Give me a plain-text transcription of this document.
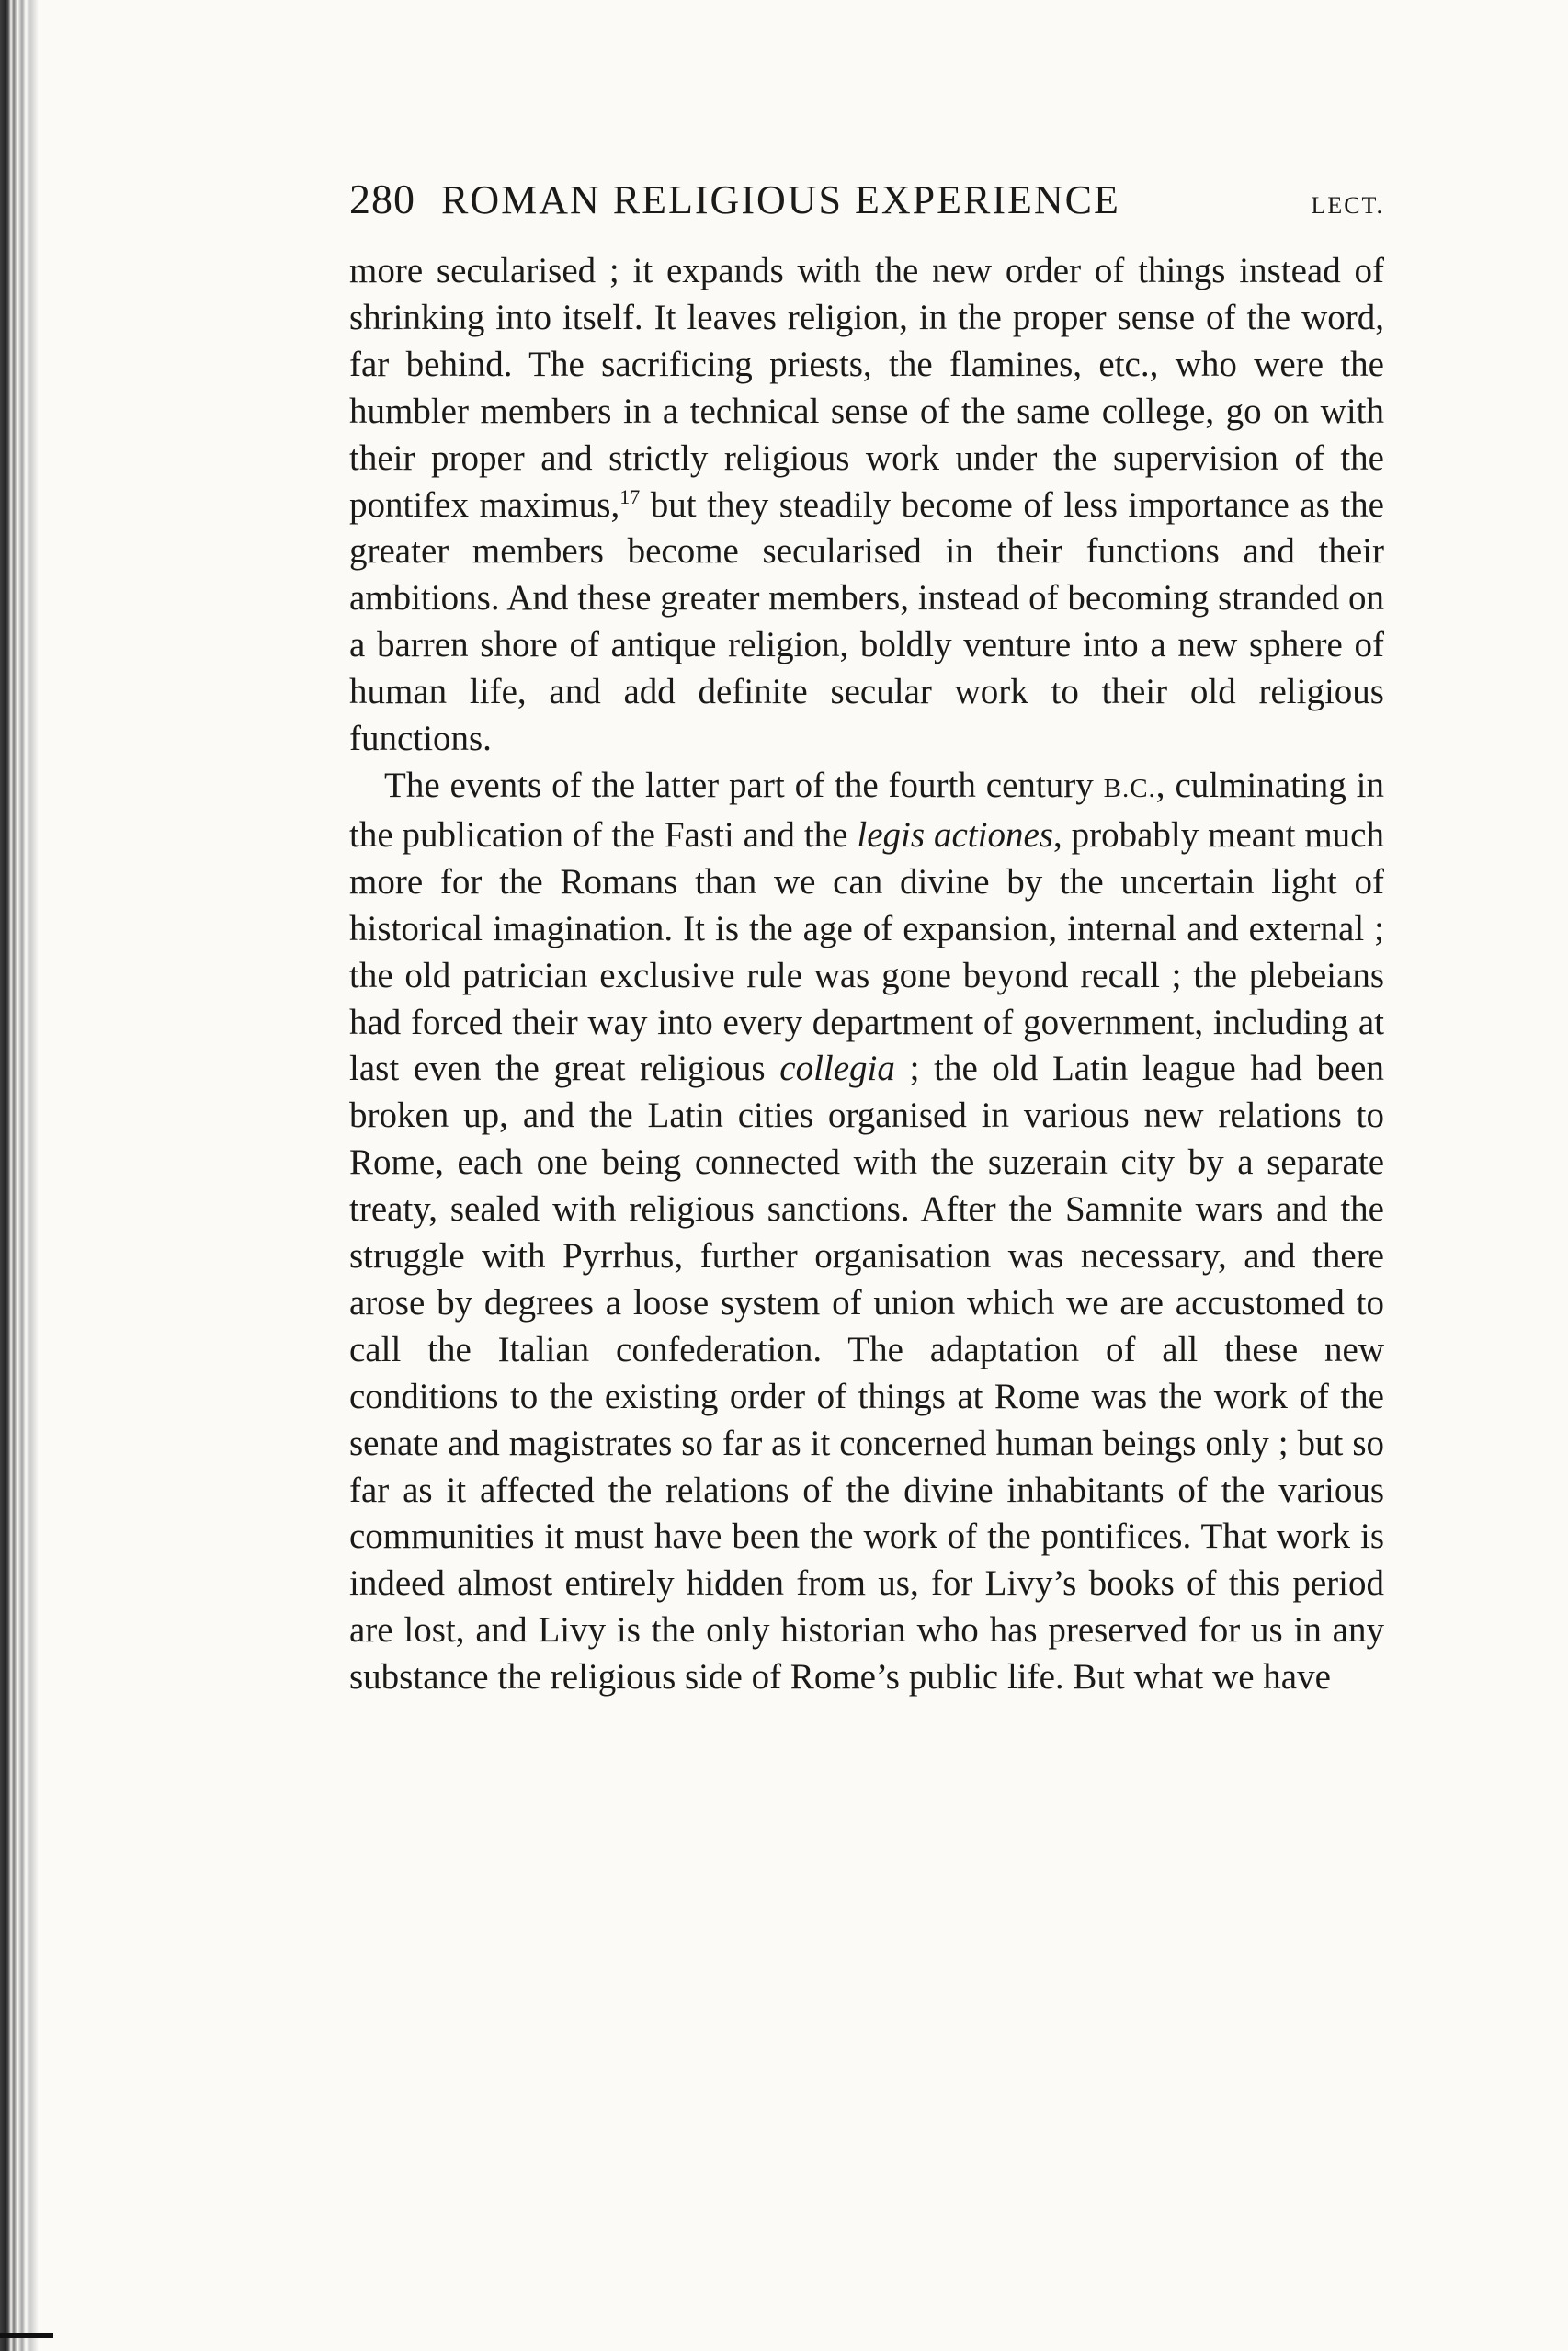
280 ROMAN RELIGIOUS EXPERIENCE	LECT.

more secularised ; it expands with the new order of things instead of shrinking into itself. It leaves religion, in the proper sense of the word, far behind. The sacrificing priests, the flamines, etc., who were the humbler members in a technical sense of the same college, go on with their proper and strictly religious work under the supervision of the pontifex maximus,$^{17}$ but they steadily become of less importance as the greater members become secularised in their functions and their ambitions. And these greater members, instead of becoming stranded on a barren shore of antique religion, boldly venture into a new sphere of human life, and add definite secular work to their old religious functions.

The events of the latter part of the fourth century B.C., culminating in the publication of the Fasti and the legis actiones, probably meant much more for the Romans than we can divine by the uncertain light of historical imagination. It is the age of expansion, internal and external ; the old patrician exclusive rule was gone beyond recall ; the plebeians had forced their way into every department of government, including at last even the great religious collegia ; the old Latin league had been broken up, and the Latin cities organised in various new relations to Rome, each one being connected with the suzerain city by a separate treaty, sealed with religious sanctions. After the Samnite wars and the struggle with Pyrrhus, further organisation was necessary, and there arose by degrees a loose system of union which we are accustomed to call the Italian confederation. The adaptation of all these new conditions to the existing order of things at Rome was the work of the senate and magistrates so far as it concerned human beings only ; but so far as it affected the relations of the divine inhabitants of the various communities it must have been the work of the pontifices. That work is indeed almost entirely hidden from us, for Livy’s books of this period are lost, and Livy is the only historian who has preserved for us in any substance the religious side of Rome’s public life. But what we have
